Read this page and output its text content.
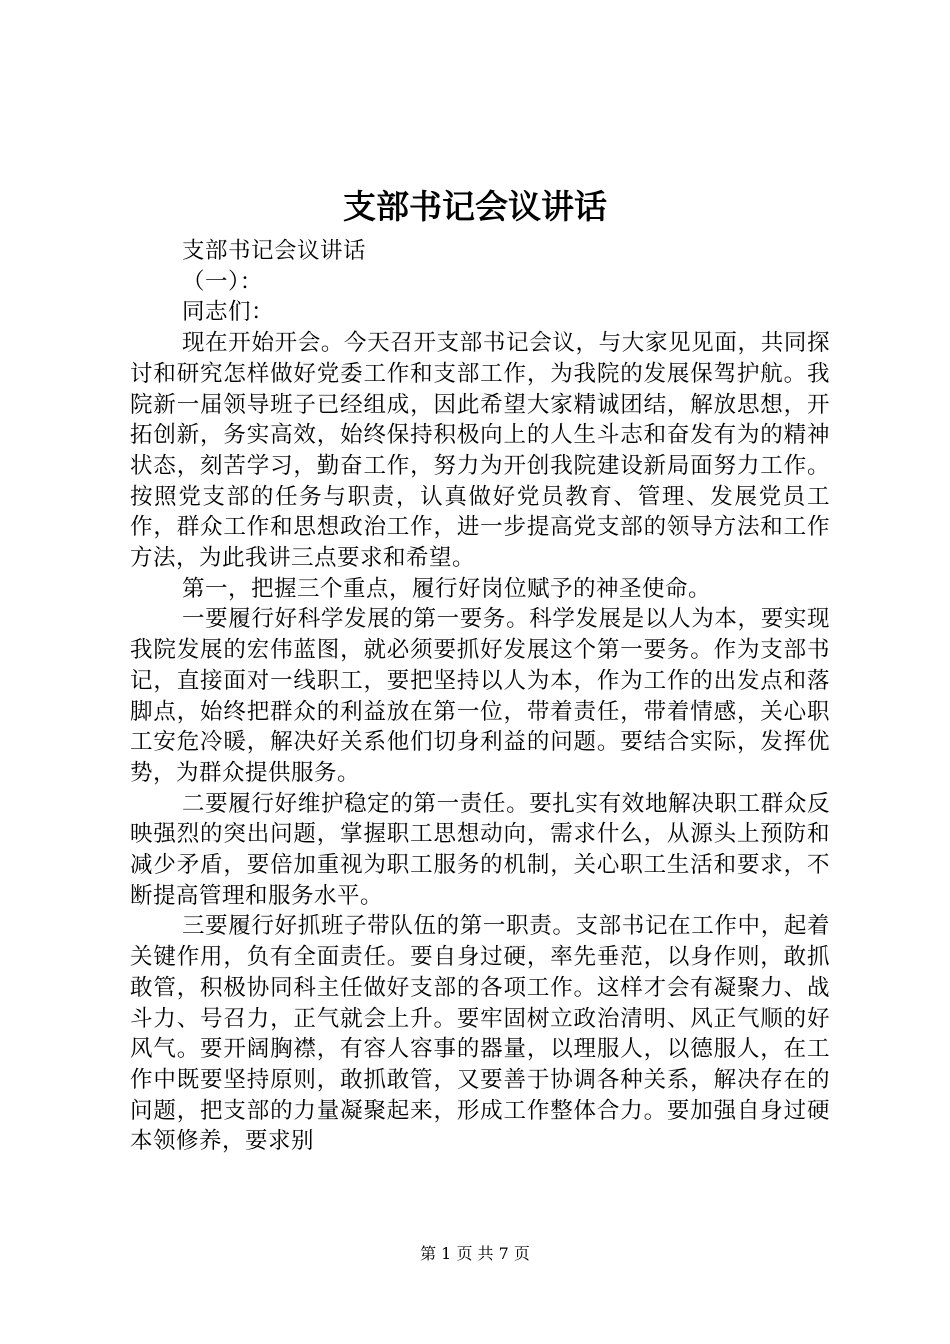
支部书记会议讲话

支部书记会议讲话

（一）：

同志们：

现在开始开会。今天召开支部书记会议，与大家见见面，共同探讨和研究怎样做好党委工作和支部工作，为我院的发展保驾护航。我院新一届领导班子已经组成，因此希望大家精诚团结，解放思想，开拓创新，务实高效，始终保持积极向上的人生斗志和奋发有为的精神状态，刻苦学习，勤奋工作，努力为开创我院建设新局面努力工作。按照党支部的任务与职责，认真做好党员教育、管理、发展党员工作，群众工作和思想政治工作，进一步提高党支部的领导方法和工作方法，为此我讲三点要求和希望。

第一，把握三个重点，履行好岗位赋予的神圣使命。

一要履行好科学发展的第一要务。科学发展是以人为本，要实现我院发展的宏伟蓝图，就必须要抓好发展这个第一要务。作为支部书记，直接面对一线职工，要把坚持以人为本，作为工作的出发点和落脚点，始终把群众的利益放在第一位，带着责任，带着情感，关心职工安危冷暖，解决好关系他们切身利益的问题。要结合实际，发挥优势，为群众提供服务。

二要履行好维护稳定的第一责任。要扎实有效地解决职工群众反映强烈的突出问题，掌握职工思想动向，需求什么，从源头上预防和减少矛盾，要倍加重视为职工服务的机制，关心职工生活和要求，不断提高管理和服务水平。

三要履行好抓班子带队伍的第一职责。支部书记在工作中，起着关键作用，负有全面责任。要自身过硬，率先垂范，以身作则，敢抓敢管，积极协同科主任做好支部的各项工作。这样才会有凝聚力、战斗力、号召力，正气就会上升。要牢固树立政治清明、风正气顺的好风气。要开阔胸襟，有容人容事的器量，以理服人，以德服人，在工作中既要坚持原则，敢抓敢管，又要善于协调各种关系，解决存在的问题，把支部的力量凝聚起来，形成工作整体合力。要加强自身过硬本领修养，要求别

第 1 页 共 7 页
